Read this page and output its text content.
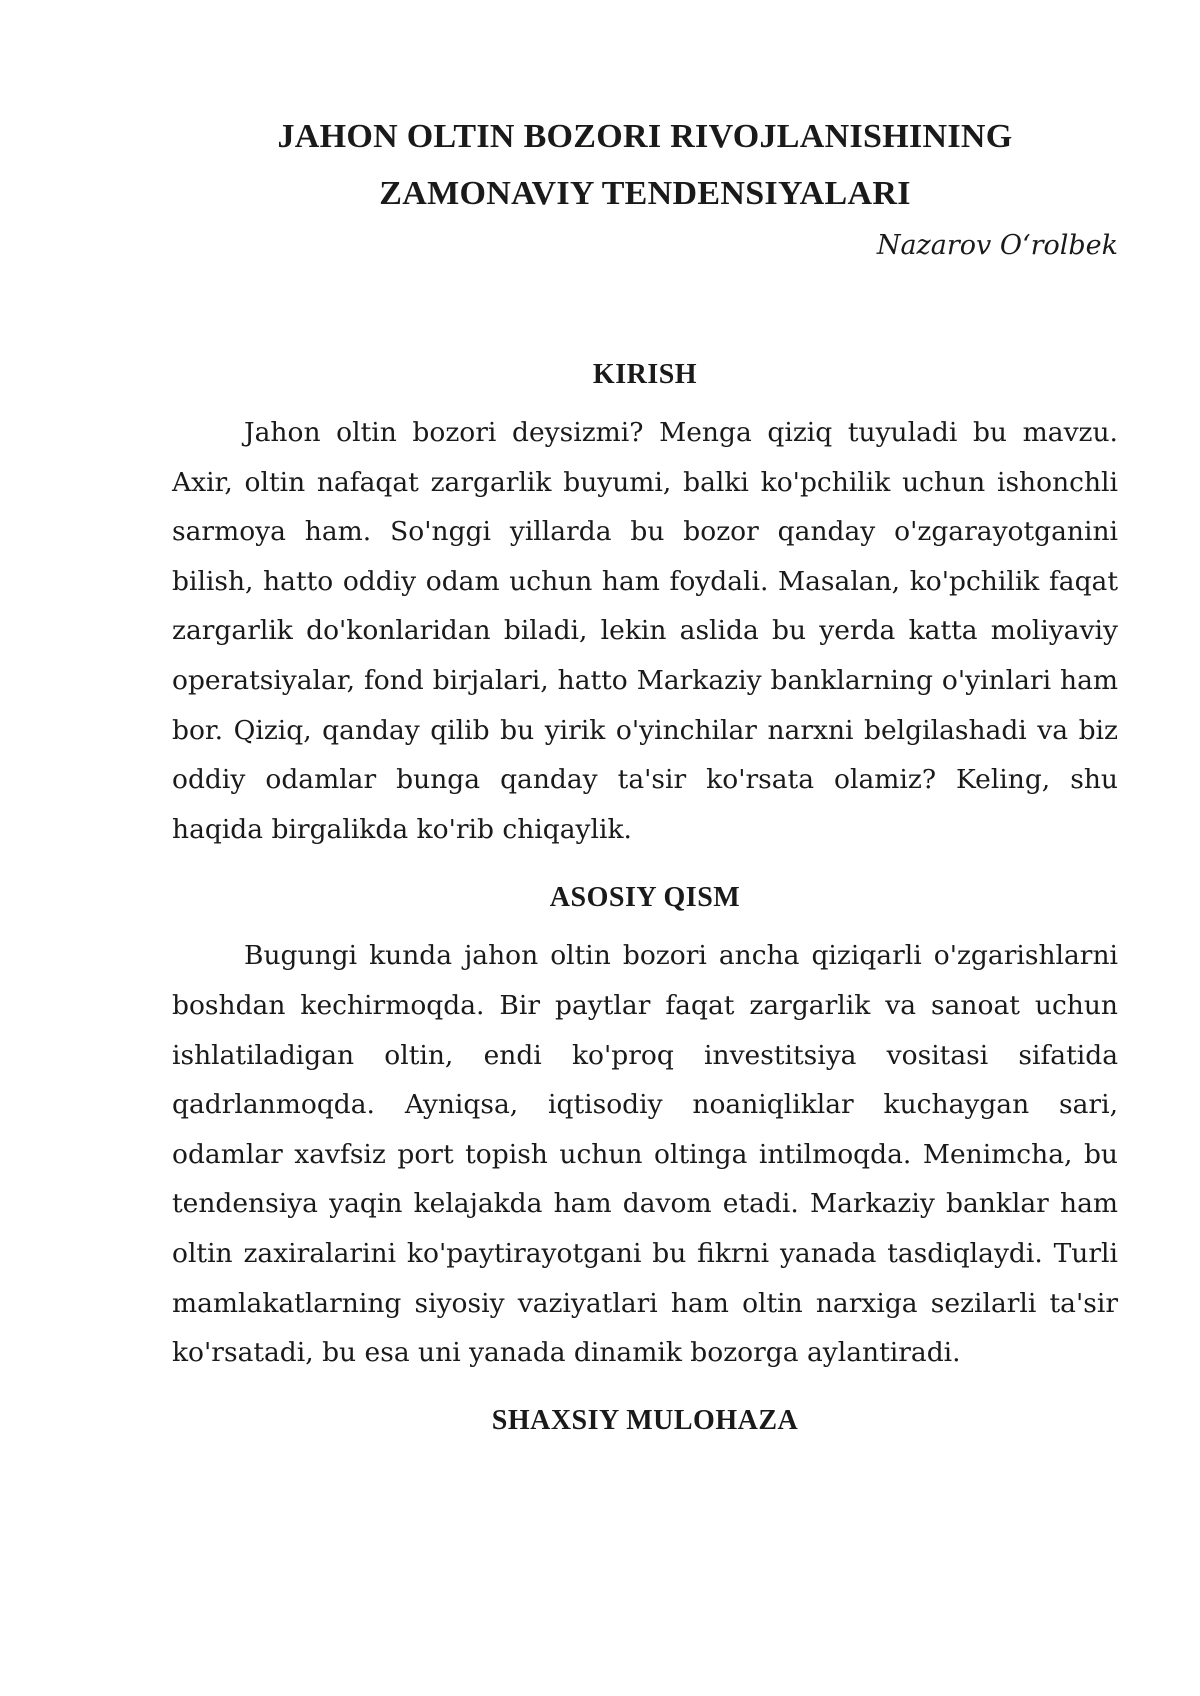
JAHON OLTIN BOZORI RIVOJLANISHINING
ZAMONAVIY TENDENSIYALARI

Nazarov O‘rolbek

KIRISH

Jahon oltin bozori deysizmi? Menga qiziq tuyuladi bu mavzu. Axir, oltin nafaqat zargarlik buyumi, balki ko'pchilik uchun ishonchli sarmoya ham. So'nggi yillarda bu bozor qanday o'zgarayotganini bilish, hatto oddiy odam uchun ham foydali. Masalan, ko'pchilik faqat zargarlik do'konlaridan biladi, lekin aslida bu yerda katta moliyaviy operatsiyalar, fond birjalari, hatto Markaziy banklarning o'yinlari ham bor. Qiziq, qanday qilib bu yirik o'yinchilar narxni belgilashadi va biz oddiy odamlar bunga qanday ta'sir ko'rsata olamiz? Keling, shu haqida birgalikda ko'rib chiqaylik.

ASOSIY QISM

Bugungi kunda jahon oltin bozori ancha qiziqarli o'zgarishlarni boshdan kechirmoqda. Bir paytlar faqat zargarlik va sanoat uchun ishlatiladigan oltin, endi ko'proq investitsiya vositasi sifatida qadrlanmoqda. Ayniqsa, iqtisodiy noaniqliklar kuchaygan sari, odamlar xavfsiz port topish uchun oltinga intilmoqda. Menimcha, bu tendensiya yaqin kelajakda ham davom etadi. Markaziy banklar ham oltin zaxiralarini ko'paytirayotgani bu fikrni yanada tasdiqlaydi. Turli mamlakatlarning siyosiy vaziyatlari ham oltin narxiga sezilarli ta'sir ko'rsatadi, bu esa uni yanada dinamik bozorga aylantiradi.

SHAXSIY MULOHAZA
